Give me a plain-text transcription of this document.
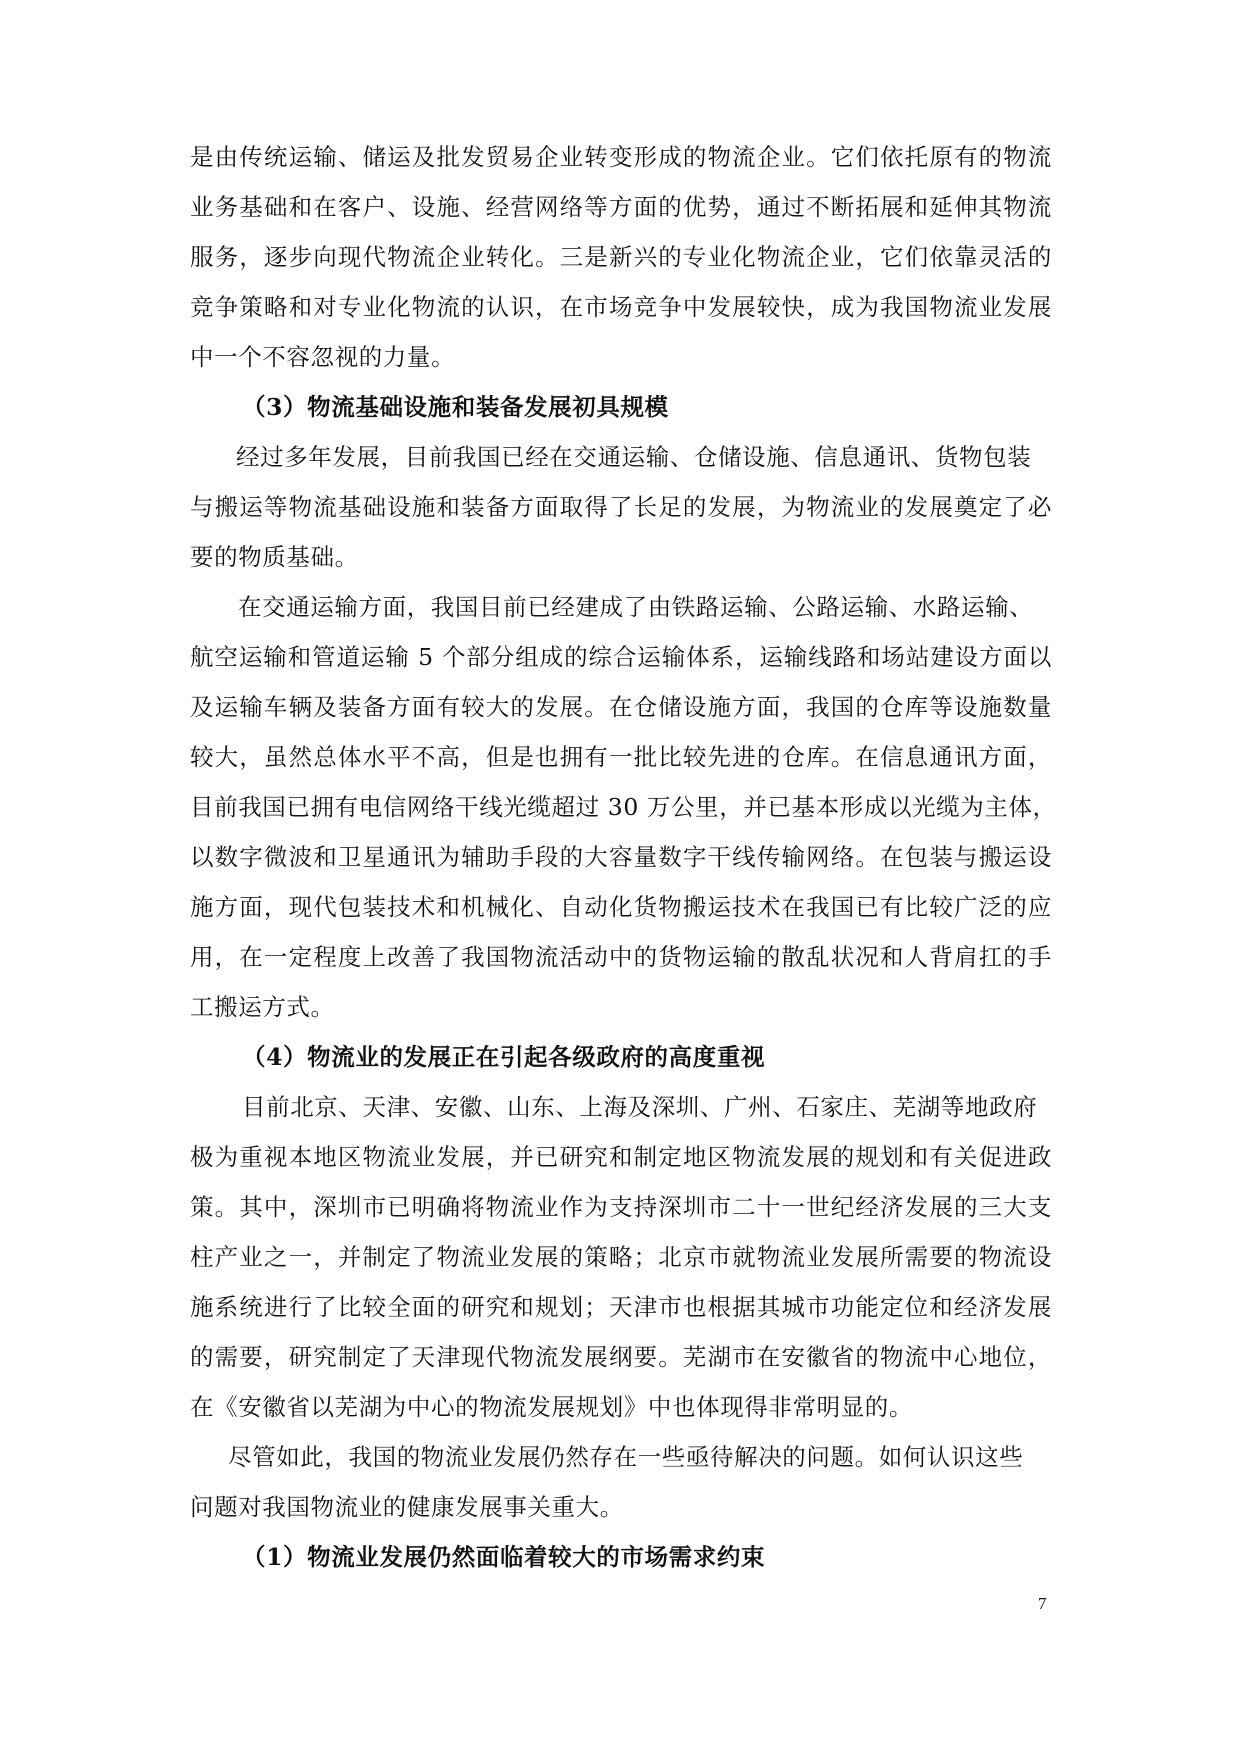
是由传统运输、储运及批发贸易企业转变形成的物流企业。它们依托原有的物流
业务基础和在客户、设施、经营网络等方面的优势，通过不断拓展和延伸其物流
服务，逐步向现代物流企业转化。三是新兴的专业化物流企业，它们依靠灵活的
竞争策略和对专业化物流的认识，在市场竞争中发展较快，成为我国物流业发展
中一个不容忽视的力量。
（3）物流基础设施和装备发展初具规模
经过多年发展，目前我国已经在交通运输、仓储设施、信息通讯、货物包装
与搬运等物流基础设施和装备方面取得了长足的发展，为物流业的发展奠定了必
要的物质基础。
在交通运输方面，我国目前已经建成了由铁路运输、公路运输、水路运输、
航空运输和管道运输 5 个部分组成的综合运输体系，运输线路和场站建设方面以
及运输车辆及装备方面有较大的发展。在仓储设施方面，我国的仓库等设施数量
较大，虽然总体水平不高，但是也拥有一批比较先进的仓库。在信息通讯方面，
目前我国已拥有电信网络干线光缆超过 30 万公里，并已基本形成以光缆为主体，
以数字微波和卫星通讯为辅助手段的大容量数字干线传输网络。在包装与搬运设
施方面，现代包装技术和机械化、自动化货物搬运技术在我国已有比较广泛的应
用，在一定程度上改善了我国物流活动中的货物运输的散乱状况和人背肩扛的手
工搬运方式。
（4）物流业的发展正在引起各级政府的高度重视
目前北京、天津、安徽、山东、上海及深圳、广州、石家庄、芜湖等地政府
极为重视本地区物流业发展，并已研究和制定地区物流发展的规划和有关促进政
策。其中，深圳市已明确将物流业作为支持深圳市二十一世纪经济发展的三大支
柱产业之一，并制定了物流业发展的策略；北京市就物流业发展所需要的物流设
施系统进行了比较全面的研究和规划；天津市也根据其城市功能定位和经济发展
的需要，研究制定了天津现代物流发展纲要。芜湖市在安徽省的物流中心地位，
在《安徽省以芜湖为中心的物流发展规划》中也体现得非常明显的。
尽管如此，我国的物流业发展仍然存在一些亟待解决的问题。如何认识这些
问题对我国物流业的健康发展事关重大。
（1）物流业发展仍然面临着较大的市场需求约束
7
